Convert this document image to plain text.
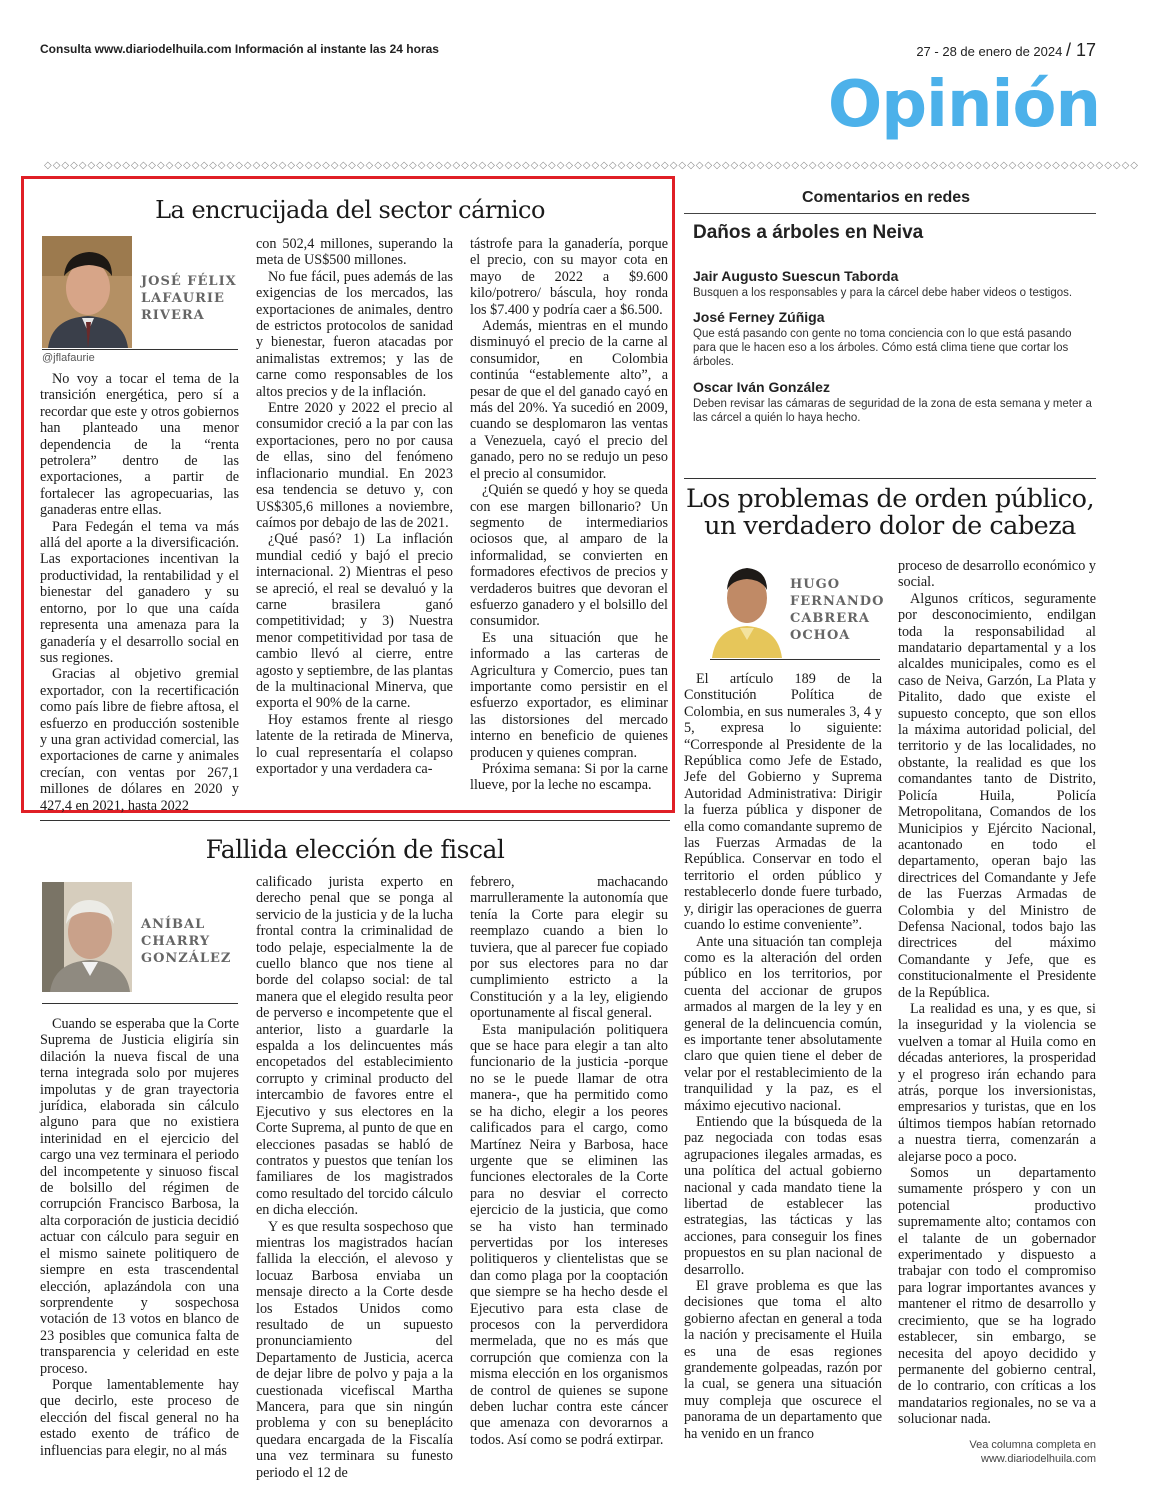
Consulta www.diariodelhuila.com Información al instante las 24 horas	27 - 28 de enero de 2024 / 17
Opinión
◇◇◇◇◇◇◇◇◇◇◇◇◇◇◇◇◇◇◇◇◇◇◇◇◇◇◇◇◇◇◇◇◇◇◇◇◇◇◇◇◇◇◇◇◇◇◇◇◇◇◇◇◇◇◇◇◇◇◇◇◇◇◇◇◇◇◇◇◇◇◇◇◇◇◇◇◇◇◇◇◇◇◇◇◇◇◇◇◇◇◇◇◇◇◇◇◇◇◇◇◇◇◇◇◇◇◇◇◇◇◇◇◇◇◇◇◇◇◇◇◇◇◇◇◇◇
La encrucijada del sector cárnico
JOSÉ FÉLIX LAFAURIE RIVERA
@jflafaurie

No voy a tocar el tema de la transición energética, pero sí a recordar que este y otros gobiernos han planteado una menor dependencia de la “renta petrolera” dentro de las exportaciones, a partir de fortalecer las agropecuarias, las ganaderas entre ellas.

Para Fedegán el tema va más allá del aporte a la diversificación. Las exportaciones incentivan la productividad, la rentabilidad y el bienestar del ganadero y su entorno, por lo que una caída representa una amenaza para la ganadería y el desarrollo social en sus regiones.

Gracias al objetivo gremial exportador, con la recertificación como país libre de fiebre aftosa, el esfuerzo en producción sostenible y una gran actividad comercial, las exportaciones de carne y animales crecían, con ventas por 267,1 millones de dólares en 2020 y 427,4 en 2021, hasta 2022

con 502,4 millones, superando la meta de US$500 millones.

No fue fácil, pues además de las exigencias de los mercados, las exportaciones de animales, dentro de estrictos protocolos de sanidad y bienestar, fueron atacadas por animalistas extremos; y las de carne como responsables de los altos precios y de la inflación.

Entre 2020 y 2022 el precio al consumidor creció a la par con las exportaciones, pero no por causa de ellas, sino del fenómeno inflacionario mundial. En 2023 esa tendencia se detuvo y, con US$305,6 millones a noviembre, caímos por debajo de las de 2021.

¿Qué pasó? 1) La inflación mundial cedió y bajó el precio internacional. 2) Mientras el peso se apreció, el real se devaluó y la carne brasilera ganó competitividad; y 3) Nuestra menor competitividad por tasa de cambio llevó al cierre, entre agosto y septiembre, de las plantas de la multinacional Minerva, que exporta el 90% de la carne.

Hoy estamos frente al riesgo latente de la retirada de Minerva, lo cual representaría el colapso exportador y una verdadera ca-

tástrofe para la ganadería, porque el precio, con su mayor cota en mayo de 2022 a $9.600 kilo/potrero/ báscula, hoy ronda los $7.400 y podría caer a $6.500.

Además, mientras en el mundo disminuyó el precio de la carne al consumidor, en Colombia continúa “establemente alto”, a pesar de que el del ganado cayó en más del 20%. Ya sucedió en 2009, cuando se desplomaron las ventas a Venezuela, cayó el precio del ganado, pero no se redujo un peso el precio al consumidor.

¿Quién se quedó y hoy se queda con ese margen billonario? Un segmento de intermediarios ociosos que, al amparo de la informalidad, se convierten en formadores efectivos de precios y verdaderos buitres que devoran el esfuerzo ganadero y el bolsillo del consumidor.

Es una situación que he informado a las carteras de Agricultura y Comercio, pues tan importante como persistir en el esfuerzo exportador, es eliminar las distorsiones del mercado interno en beneficio de quienes producen y quienes compran.

Próxima semana: Si por la carne llueve, por la leche no escampa.

Comentarios en redes
Daños a árboles en Neiva
Jair Augusto Suescun Taborda
Busquen a los responsables y para la cárcel debe haber videos o testigos.
José Ferney Zúñiga
Que está pasando con gente no toma conciencia con lo que está pasando para que le hacen eso a los árboles. Cómo está clima tiene que cortar los árboles.
Oscar Iván González
Deben revisar las cámaras de seguridad de la zona de esta semana y meter a las cárcel a quién lo haya hecho.
Los problemas de orden público,
un verdadero dolor de cabeza
HUGO FERNANDO CABRERA OCHOA

El artículo 189 de la Constitución Política de Colombia, en sus numerales 3, 4 y 5, expresa lo siguiente: “Corresponde al Presidente de la República como Jefe de Estado, Jefe del Gobierno y Suprema Autoridad Administrativa: Dirigir la fuerza pública y disponer de ella como comandante supremo de las Fuerzas Armadas de la República. Conservar en todo el territorio el orden público y restablecerlo donde fuere turbado, y, dirigir las operaciones de guerra cuando lo estime conveniente”.

Ante una situación tan compleja como es la alteración del orden público en los territorios, por cuenta del accionar de grupos armados al margen de la ley y en general de la delincuencia común, es importante tener absolutamente claro que quien tiene el deber de velar por el restablecimiento de la tranquilidad y la paz, es el máximo ejecutivo nacional.

Entiendo que la búsqueda de la paz negociada con todas esas agrupaciones ilegales armadas, es una política del actual gobierno nacional y cada mandato tiene la libertad de establecer las estrategias, las tácticas y las acciones, para conseguir los fines propuestos en su plan nacional de desarrollo.

El grave problema es que las decisiones que toma el alto gobierno afectan en general a toda la nación y precisamente el Huila es una de esas regiones grandemente golpeadas, razón por la cual, se genera una situación muy compleja que oscurece el panorama de un departamento que ha venido en un franco

proceso de desarrollo económico y social.

Algunos críticos, seguramente por desconocimiento, endilgan toda la responsabilidad al mandatario departamental y a los alcaldes municipales, como es el caso de Neiva, Garzón, La Plata y Pitalito, dado que existe el supuesto concepto, que son ellos la máxima autoridad policial, del territorio y de las localidades, no obstante, la realidad es que los comandantes tanto de Distrito, Policía Huila, Policía Metropolitana, Comandos de los Municipios y Ejército Nacional, acantonado en todo el departamento, operan bajo las directrices del Comandante y Jefe de las Fuerzas Armadas de Colombia y del Ministro de Defensa Nacional, todos bajo las directrices del máximo Comandante y Jefe, que es constitucionalmente el Presidente de la República.

La realidad es una, y es que, si la inseguridad y la violencia se vuelven a tomar al Huila como en décadas anteriores, la prosperidad y el progreso irán echando para atrás, porque los inversionistas, empresarios y turistas, que en los últimos tiempos habían retornado a nuestra tierra, comenzarán a alejarse poco a poco.

Somos un departamento sumamente próspero y con un potencial productivo supremamente alto; contamos con el talante de un gobernador experimentado y dispuesto a trabajar con todo el compromiso para lograr importantes avances y mantener el ritmo de desarrollo y crecimiento, que se ha logrado establecer, sin embargo, se necesita del apoyo decidido y permanente del gobierno central, de lo contrario, con críticas a los mandatarios regionales, no se va a solucionar nada.

Vea columna completa en
www.diariodelhuila.com
Fallida elección de fiscal
ANÍBAL CHARRY GONZÁLEZ

Cuando se esperaba que la Corte Suprema de Justicia eligiría sin dilación la nueva fiscal de una terna integrada solo por mujeres impolutas y de gran trayectoria jurídica, elaborada sin cálculo alguno para que no existiera interinidad en el ejercicio del cargo una vez terminara el periodo del incompetente y sinuoso fiscal de bolsillo del régimen de corrupción Francisco Barbosa, la alta corporación de justicia decidió actuar con cálculo para seguir en el mismo sainete politiquero de siempre en esta trascendental elección, aplazándola con una sorprendente y sospechosa votación de 13 votos en blanco de 23 posibles que comunica falta de transparencia y celeridad en este proceso.

Porque lamentablemente hay que decirlo, este proceso de elección del fiscal general no ha estado exento de tráfico de influencias para elegir, no al más

calificado jurista experto en derecho penal que se ponga al servicio de la justicia y de la lucha frontal contra la criminalidad de todo pelaje, especialmente la de cuello blanco que nos tiene al borde del colapso social: de tal manera que el elegido resulta peor de perverso e incompetente que el anterior, listo a guardarle la espalda a los delincuentes más encopetados del establecimiento corrupto y criminal producto del intercambio de favores entre el Ejecutivo y sus electores en la Corte Suprema, al punto de que en elecciones pasadas se habló de contratos y puestos que tenían los familiares de los magistrados como resultado del torcido cálculo en dicha elección.

Y es que resulta sospechoso que mientras los magistrados hacían fallida la elección, el alevoso y locuaz Barbosa enviaba un mensaje directo a la Corte desde los Estados Unidos como resultado de un supuesto pronunciamiento del Departamento de Justicia, acerca de dejar libre de polvo y paja a la cuestionada vicefiscal Martha Mancera, para que sin ningún problema y con su beneplácito quedara encargada de la Fiscalía una vez terminara su funesto periodo el 12 de

febrero, machacando marrulleramente la autonomía que tenía la Corte para elegir su reemplazo cuando a bien lo tuviera, que al parecer fue copiado por sus electores para no dar cumplimiento estricto a la Constitución y a la ley, eligiendo oportunamente al fiscal general.

Esta manipulación politiquera que se hace para elegir a tan alto funcionario de la justicia -porque no se le puede llamar de otra manera-, que ha permitido como se ha dicho, elegir a los peores calificados para el cargo, como Martínez Neira y Barbosa, hace urgente que se eliminen las funciones electorales de la Corte para no desviar el correcto ejercicio de la justicia, que como se ha visto han terminado pervertidas por los intereses politiqueros y clientelistas que se dan como plaga por la cooptación que siempre se ha hecho desde el Ejecutivo para esta clase de procesos con la perverdidora mermelada, que no es más que corrupción que comienza con la misma elección en los organismos de control de quienes se supone deben luchar contra este cáncer que amenaza con devorarnos a todos. Así como se podrá extirpar.
